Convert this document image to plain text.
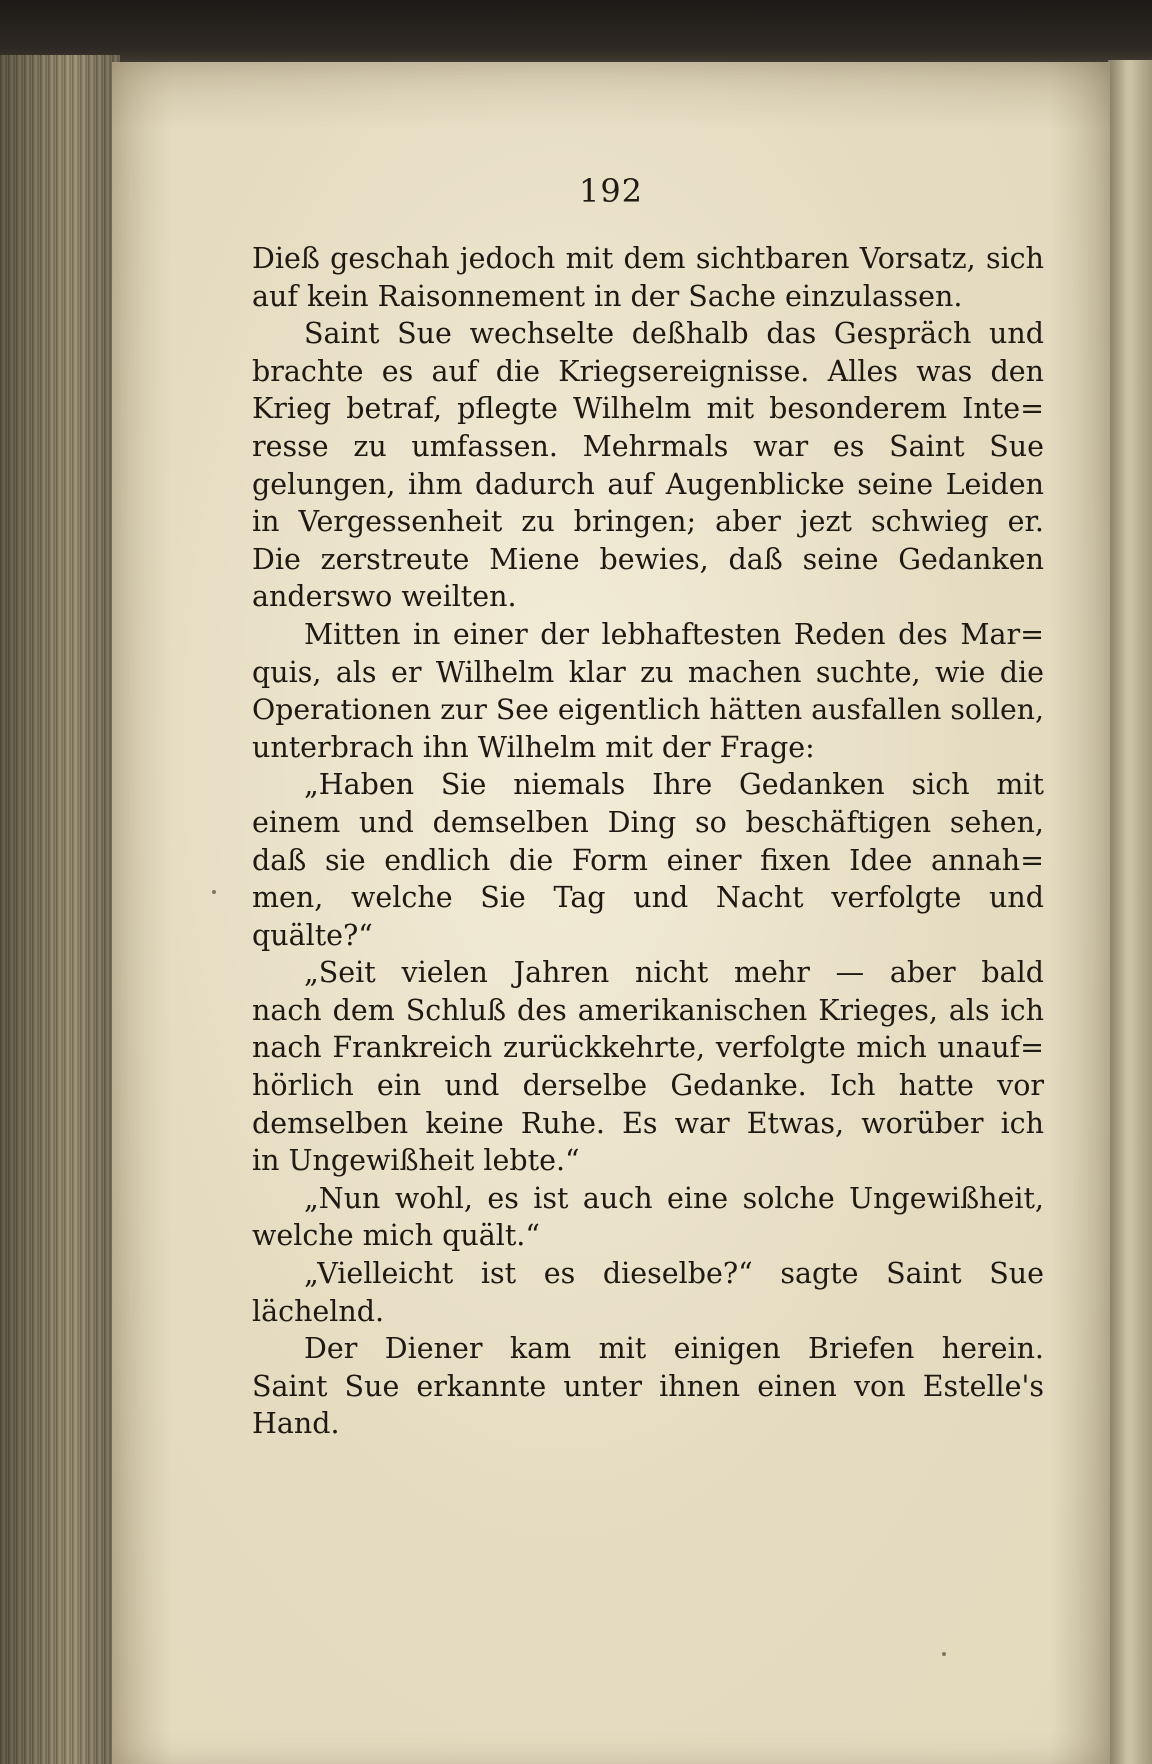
192

Dieß geschah jedoch mit dem sichtbaren Vorsatz, sich
auf kein Raisonnement in der Sache einzulassen.

Saint Sue wechselte deßhalb das Gespräch und
brachte es auf die Kriegsereignisse. Alles was den
Krieg betraf, pflegte Wilhelm mit besonderem Inte=
resse zu umfassen. Mehrmals war es Saint Sue
gelungen, ihm dadurch auf Augenblicke seine Leiden
in Vergessenheit zu bringen; aber jezt schwieg er.
Die zerstreute Miene bewies, daß seine Gedanken
anderswo weilten.

Mitten in einer der lebhaftesten Reden des Mar=
quis, als er Wilhelm klar zu machen suchte, wie die
Operationen zur See eigentlich hätten ausfallen sollen,
unterbrach ihn Wilhelm mit der Frage:

„Haben Sie niemals Ihre Gedanken sich mit
einem und demselben Ding so beschäftigen sehen,
daß sie endlich die Form einer fixen Idee annah=
men, welche Sie Tag und Nacht verfolgte und
quälte?“

„Seit vielen Jahren nicht mehr — aber bald
nach dem Schluß des amerikanischen Krieges, als ich
nach Frankreich zurückkehrte, verfolgte mich unauf=
hörlich ein und derselbe Gedanke. Ich hatte vor
demselben keine Ruhe. Es war Etwas, worüber ich
in Ungewißheit lebte.“

„Nun wohl, es ist auch eine solche Ungewißheit,
welche mich quält.“

„Vielleicht ist es dieselbe?“ sagte Saint Sue
lächelnd.

Der Diener kam mit einigen Briefen herein.
Saint Sue erkannte unter ihnen einen von Estelle's
Hand.
